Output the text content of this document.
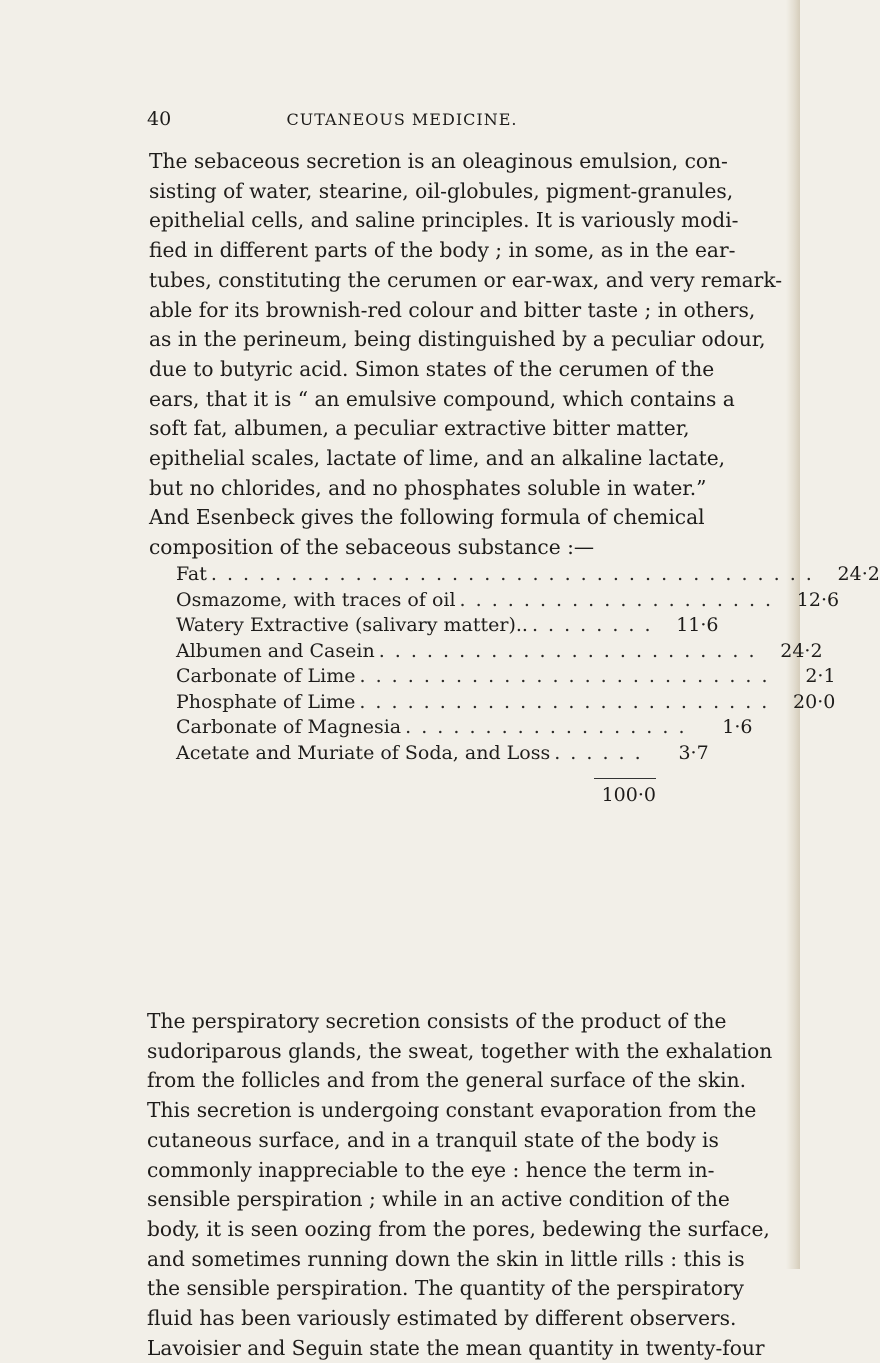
40	CUTANEOUS MEDICINE.
The sebaceous secretion is an oleaginous emulsion, con-
sisting of water, stearine, oil-globules, pigment-granules,
epithelial cells, and saline principles. It is variously modi-
fied in different parts of the body ; in some, as in the ear-
tubes, constituting the cerumen or ear-wax, and very remark-
able for its brownish-red colour and bitter taste ; in others,
as in the perineum, being distinguished by a peculiar odour,
due to butyric acid. Simon states of the cerumen of the
ears, that it is “ an emulsive compound, which contains a
soft fat, albumen, a peculiar extractive bitter matter,
epithelial scales, lactate of lime, and an alkaline lactate,
but no chlorides, and no phosphates soluble in water.”
And Esenbeck gives the following formula of chemical
composition of the sebaceous substance :—
Fat . . . . . . . . . . . . . . . . . . . . . . . . . . . . . . . . . . . . . .	24·2
Osmazome, with traces of oil . . . . . . . . . . . . . . . . . . . .	12·6
Watery Extractive (salivary matter).. . . . . . . . .	11·6
Albumen and Casein . . . . . . . . . . . . . . . . . . . . . . . .	24·2
Carbonate of Lime . . . . . . . . . . . . . . . . . . . . . . . . . .	2·1
Phosphate of Lime . . . . . . . . . . . . . . . . . . . . . . . . . .	20·0
Carbonate of Magnesia . . . . . . . . . . . . . . . . . .	1·6
Acetate and Muriate of Soda, and Loss . . . . . .	3·7
100·0
The perspiratory secretion consists of the product of the
sudoriparous glands, the sweat, together with the exhalation
from the follicles and from the general surface of the skin.
This secretion is undergoing constant evaporation from the
cutaneous surface, and in a tranquil state of the body is
commonly inappreciable to the eye : hence the term in-
sensible perspiration ; while in an active condition of the
body, it is seen oozing from the pores, bedewing the surface,
and sometimes running down the skin in little rills : this is
the sensible perspiration. The quantity of the perspiratory
fluid has been variously estimated by different observers.
Lavoisier and Seguin state the mean quantity in twenty-four
